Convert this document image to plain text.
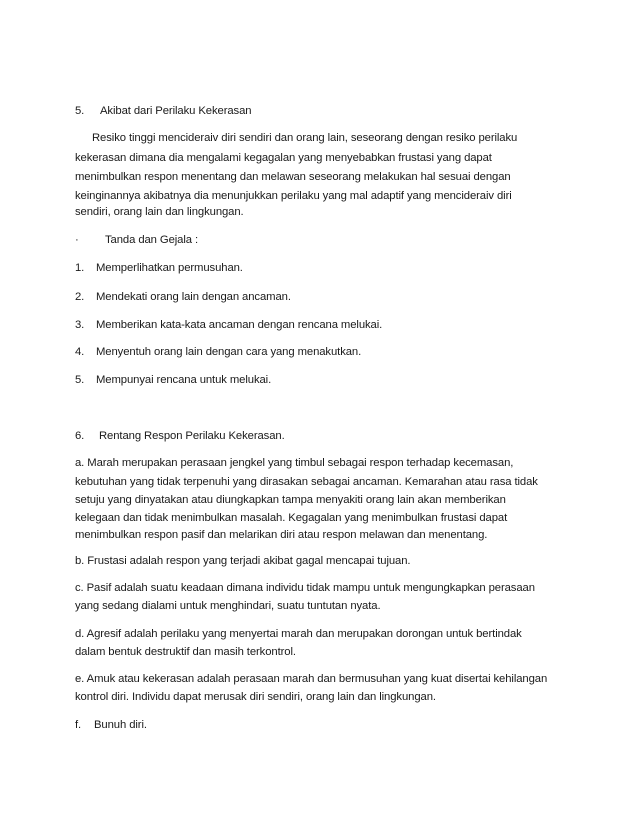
5. Akibat dari Perilaku Kekerasan
Resiko tinggi mencideraiv diri sendiri dan orang lain, seseorang dengan resiko perilaku
kekerasan dimana dia mengalami kegagalan yang menyebabkan frustasi yang dapat
menimbulkan respon menentang dan melawan seseorang melakukan hal sesuai dengan
keinginannya akibatnya dia menunjukkan perilaku yang mal adaptif yang mencideraiv diri
sendiri, orang lain dan lingkungan.
· Tanda dan Gejala :
1. Memperlihatkan permusuhan.
2. Mendekati orang lain dengan ancaman.
3. Memberikan kata-kata ancaman dengan rencana melukai.
4. Menyentuh orang lain dengan cara yang menakutkan.
5. Mempunyai rencana untuk melukai.
6. Rentang Respon Perilaku Kekerasan.
a. Marah merupakan perasaan jengkel yang timbul sebagai respon terhadap kecemasan,
kebutuhan yang tidak terpenuhi yang dirasakan sebagai ancaman. Kemarahan atau rasa tidak
setuju yang dinyatakan atau diungkapkan tampa menyakiti orang lain akan memberikan
kelegaan dan tidak menimbulkan masalah. Kegagalan yang menimbulkan frustasi dapat
menimbulkan respon pasif dan melarikan diri atau respon melawan dan menentang.
b. Frustasi adalah respon yang terjadi akibat gagal mencapai tujuan.
c. Pasif adalah suatu keadaan dimana individu tidak mampu untuk mengungkapkan perasaan
yang sedang dialami untuk menghindari, suatu tuntutan nyata.
d. Agresif adalah perilaku yang menyertai marah dan merupakan dorongan untuk bertindak
dalam bentuk destruktif dan masih terkontrol.
e. Amuk atau kekerasan adalah perasaan marah dan bermusuhan yang kuat disertai kehilangan
kontrol diri. Individu dapat merusak diri sendiri, orang lain dan lingkungan.
f. Bunuh diri.
